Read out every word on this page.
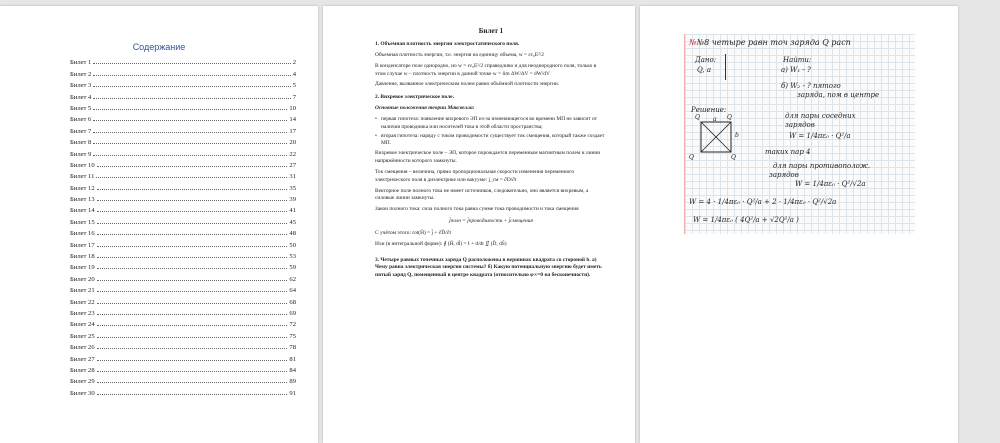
Содержание
Билет 1	2
Билет 2	4
Билет 3	5
Билет 4	7
Билет 5	10
Билет 6	14
Билет 7	17
Билет 8	20
Билет 9	22
Билет 10	27
Билет 11	31
Билет 12	35
Билет 13	39
Билет 14	41
Билет 15	45
Билет 16	48
Билет 17	50
Билет 18	53
Билет 19	59
Билет 20	62
Билет 21	64
Билет 22	68
Билет 23	69
Билет 24	72
Билет 25	75
Билет 26	78
Билет 27	81
Билет 28	84
Билет 29	89
Билет 30	91
Билет 1
1. Объемная плотность энергии электростатического поля.
Объемная плотность энергии, т.е. энергия на единицу объема, w = εε₀E²/2
В конденсаторе поле однородно, но w = εε₀E²/2 справедливо и для неоднородного поля, только в этом случае w – плотность энергии в данной точке w = lim ΔW/ΔV = dW/dV
Давление, вызванное электрическим полем равно объёмной плотности энергии.
2. Вихревое электрическое поле.
Основные положения теории Максвелла:
• первая гипотеза: появление вихревого ЭП из-за изменяющегося во времени МП не зависит от наличия проводника или носителей тока в этой области пространства;
• вторая гипотеза: наряду с током проводимости существует ток смещения, который также создает МП.
Вихревое электрическое поле – ЭП, которое порождается переменным магнитным полем и линии напряжённости которого замкнуты.
Ток смещения – величина, прямо пропорциональная скорости изменения переменного электрического поля в диэлектрике или вакууме: j_см = ∂D/∂t
Векторное поле полного тока не имеет источников, следовательно, оно является вихревым, а силовые линии замкнуты.
Закон полного тока: сила полного тока равна сумме тока проводимости и тока смещения
j̄полн = j̄проводимости + j̄смещения
С учётом этого: rot(H̄) = j̄ + ∂D̄/∂t
Или (в интегральной форме): ∮ (H̄, dl̄) = I + d/dt ∬ (D̄, dS̄)
3. Четыре равных точечных заряда Q расположены в вершинах квадрата со стороной b. а) Чему равна электрическая энергия системы? б) Какую потенциальную энергию будет иметь пятый заряд Q, помещенный в центре квадрата (относительно φ∞=0 на бесконечности).
№№8 четыре равн точ заряда Q расп
Дано:
Q, a
Найти:
а) W₁ - ?
б) W₂ - ? пятого
заряда, пом в центре
Решение:
Q	Q
Q	Q
b
a	для пары соседних
зарядов
W = 1/4πε₀ · Q²/a
таких пар 4
для пары противополож.
зарядов
W = 1/4πε₀ · Q²/√2a
W = 4 · 1/4πε₀ · Q²/a + 2 · 1/4πε₀ · Q²/√2a
W = 1/4πε₀ ( 4Q²/a + √2Q²/a )
